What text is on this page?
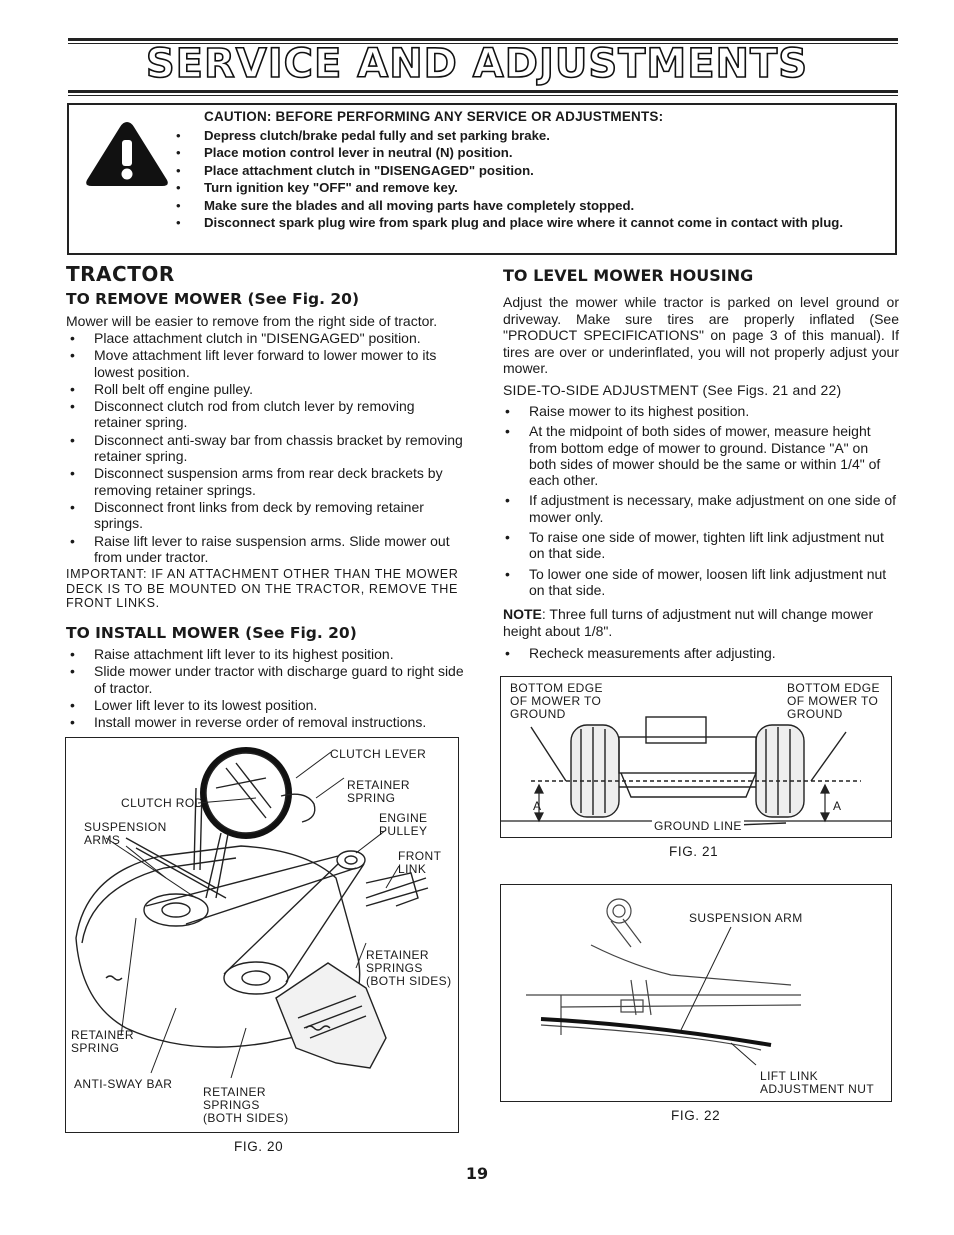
SERVICE AND ADJUSTMENTS
CAUTION: BEFORE PERFORMING ANY SERVICE OR ADJUSTMENTS:
• Depress clutch/brake pedal fully and set parking brake.
• Place motion control lever in neutral (N) position.
• Place attachment clutch in "DISENGAGED" position.
• Turn ignition key "OFF" and remove key.
• Make sure the blades and all moving parts have completely stopped.
• Disconnect spark plug wire from spark plug and place wire where it cannot come in contact with plug.
TRACTOR
TO REMOVE MOWER (See Fig. 20)

Mower will be easier to remove from the right side of tractor.

• Place attachment clutch in "DISENGAGED" position.
• Move attachment lift lever forward to lower mower to its lowest position.
• Roll belt off engine pulley.
• Disconnect clutch rod from clutch lever by removing retainer spring.
• Disconnect anti-sway bar from chassis bracket by removing retainer spring.
• Disconnect suspension arms from rear deck brackets by removing retainer springs.
• Disconnect front links from deck by removing retainer springs.
• Raise lift lever to raise suspension arms. Slide mower out from under tractor.

IMPORTANT: IF AN ATTACHMENT OTHER THAN THE MOWER DECK IS TO BE MOUNTED ON THE TRACTOR, REMOVE THE FRONT LINKS.

TO INSTALL MOWER (See Fig. 20)
• Raise attachment lift lever to its highest position.
• Slide mower under tractor with discharge guard to right side of tractor.
• Lower lift lever to its lowest position.
• Install mower in reverse order of removal instructions.
CLUTCH LEVER
RETAINER
SPRING
CLUTCH ROD
ENGINE
PULLEY
SUSPENSION
ARMS
FRONT
LINK
RETAINER
SPRINGS
(BOTH SIDES)
RETAINER
SPRING
ANTI-SWAY BAR
RETAINER
SPRINGS
(BOTH SIDES)
FIG. 20
TO LEVEL MOWER HOUSING

Adjust the mower while tractor is parked on level ground or driveway. Make sure tires are properly inflated (See "PRODUCT SPECIFICATIONS" on page 3 of this manual). If tires are over or underinflated, you will not properly adjust your mower.

SIDE-TO-SIDE ADJUSTMENT (See Figs. 21 and 22)

• Raise mower to its highest position.
• At the midpoint of both sides of mower, measure height from bottom edge of mower to ground. Distance "A" on both sides of mower should be the same or within 1/4" of each other.
• If adjustment is necessary, make adjustment on one side of mower only.
• To raise one side of mower, tighten lift link adjustment nut on that side.
• To lower one side of mower, loosen lift link adjustment nut on that side.

NOTE: Three full turns of adjustment nut will change mower height about 1/8".

• Recheck measurements after adjusting.
BOTTOM EDGE
OF MOWER TO
GROUND
BOTTOM EDGE
OF MOWER TO
GROUND
A	A
GROUND LINE
FIG. 21
SUSPENSION ARM
LIFT LINK
ADJUSTMENT NUT
FIG. 22
19
